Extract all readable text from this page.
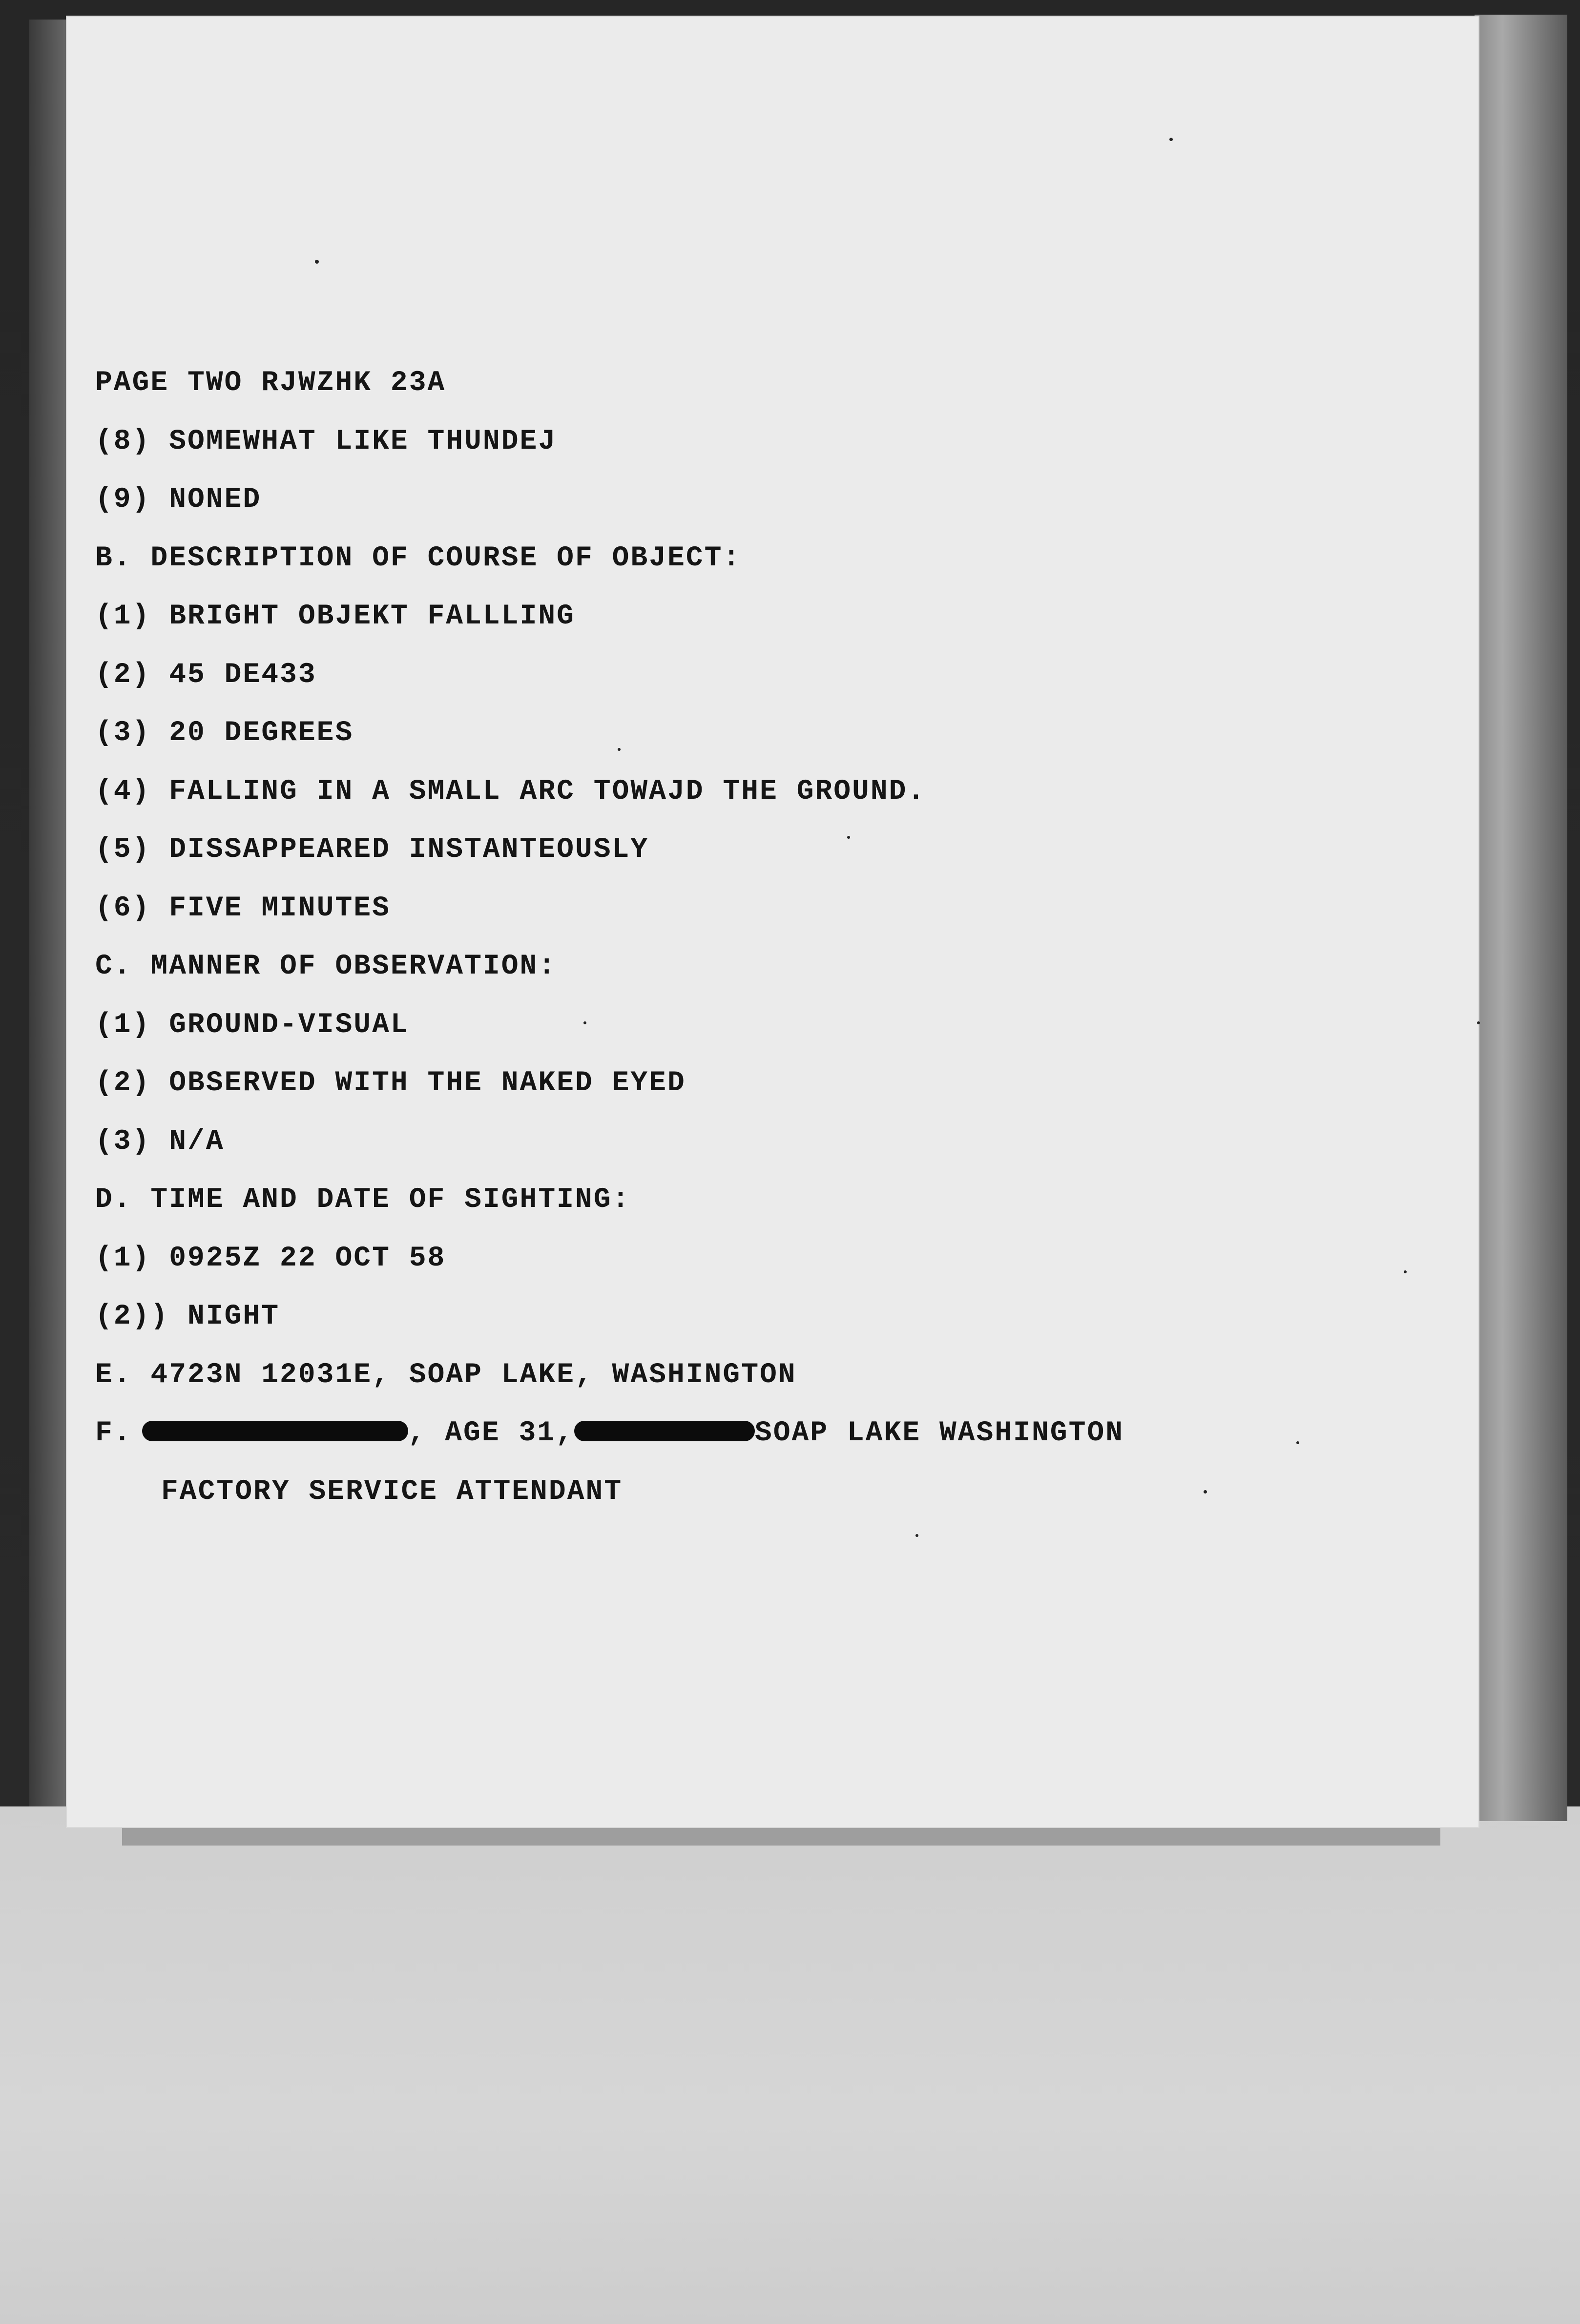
PAGE TWO RJWZHK 23A
(8) SOMEWHAT LIKE THUNDEJ
(9) NONED
B. DESCRIPTION OF COURSE OF OBJECT:
(1) BRIGHT OBJEKT FALLLING
(2) 45 DE433
(3) 20 DEGREES
(4) FALLING IN A SMALL ARC TOWAJD THE GROUND.
(5) DISSAPPEARED INSTANTEOUSLY
(6) FIVE MINUTES
C. MANNER OF OBSERVATION:
(1) GROUND-VISUAL
(2) OBSERVED WITH THE NAKED EYED
(3) N/A
D. TIME AND DATE OF SIGHTING:
(1) 0925Z 22 OCT 58
(2)) NIGHT
E. 4723N 12031E, SOAP LAKE, WASHINGTON
F.	, AGE 31,	SOAP LAKE WASHINGTON
FACTORY SERVICE ATTENDANT
